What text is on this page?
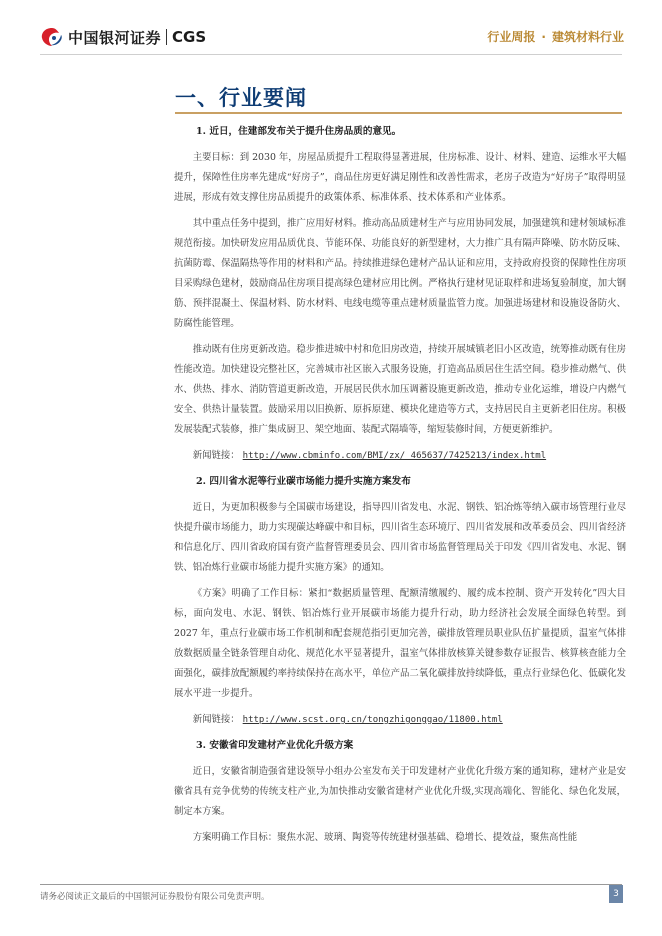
中国银河证券 CGS	行业周报 · 建筑材料行业
一、行业要闻
1. 近日，住建部发布关于提升住房品质的意见。

主要目标：到 2030 年，房屋品质提升工程取得显著进展，住房标准、设计、材料、建造、运维水平大幅提升，保障性住房率先建成“好房子”，商品住房更好满足刚性和改善性需求，老房子改造为“好房子”取得明显进展，形成有效支撑住房品质提升的政策体系、标准体系、技术体系和产业体系。

其中重点任务中提到，推广应用好材料。推动高品质建材生产与应用协同发展，加强建筑和建材领域标准规范衔接。加快研发应用品质优良、节能环保、功能良好的新型建材，大力推广具有隔声降噪、防水防反味、抗菌防霉、保温隔热等作用的材料和产品。持续推进绿色建材产品认证和应用，支持政府投资的保障性住房项目采购绿色建材，鼓励商品住房项目提高绿色建材应用比例。严格执行建材见证取样和进场复验制度，加大钢筋、预拌混凝土、保温材料、防水材料、电线电缆等重点建材质量监管力度。加强进场建材和设施设备防火、防腐性能管理。

推动既有住房更新改造。稳步推进城中村和危旧房改造，持续开展城镇老旧小区改造，统筹推动既有住房性能改造。加快建设完整社区，完善城市社区嵌入式服务设施，打造高品质居住生活空间。稳步推动燃气、供水、供热、排水、消防管道更新改造，开展居民供水加压调蓄设施更新改造，推动专业化运维，增设户内燃气安全、供热计量装置。鼓励采用以旧换新、原拆原建、模块化建造等方式，支持居民自主更新老旧住房。积极发展装配式装修，推广集成厨卫、架空地面、装配式隔墙等，缩短装修时间，方便更新维护。

新闻链接： http://www.cbminfo.com/BMI/zx/_465637/7425213/index.html
2. 四川省水泥等行业碳市场能力提升实施方案发布

近日，为更加积极参与全国碳市场建设，指导四川省发电、水泥、钢铁、铝冶炼等纳入碳市场管理行业尽快提升碳市场能力，助力实现碳达峰碳中和目标，四川省生态环境厅、四川省发展和改革委员会、四川省经济和信息化厅、四川省政府国有资产监督管理委员会、四川省市场监督管理局关于印发《四川省发电、水泥、钢铁、铝冶炼行业碳市场能力提升实施方案》的通知。

《方案》明确了工作目标：紧扣“数据质量管理、配额清缴履约、履约成本控制、资产开发转化”四大目标，面向发电、水泥、钢铁、铝冶炼行业开展碳市场能力提升行动，助力经济社会发展全面绿色转型。到 2027 年，重点行业碳市场工作机制和配套规范指引更加完善，碳排放管理员职业队伍扩量提质，温室气体排放数据质量全链条管理自动化、规范化水平显著提升，温室气体排放核算关键参数存证报告、核算核查能力全面强化，碳排放配额履约率持续保持在高水平，单位产品二氧化碳排放持续降低，重点行业绿色化、低碳化发展水平进一步提升。

新闻链接： http://www.scst.org.cn/tongzhigonggao/11800.html
3. 安徽省印发建材产业优化升级方案

近日，安徽省制造强省建设领导小组办公室发布关于印发建材产业优化升级方案的通知称，建材产业是安徽省具有竞争优势的传统支柱产业,为加快推动安徽省建材产业优化升级,实现高端化、智能化、绿色化发展，制定本方案。

方案明确工作目标：聚焦水泥、玻璃、陶瓷等传统建材强基础、稳增长、提效益，聚焦高性能

请务必阅读正文最后的中国银河证券股份有限公司免责声明。	3
